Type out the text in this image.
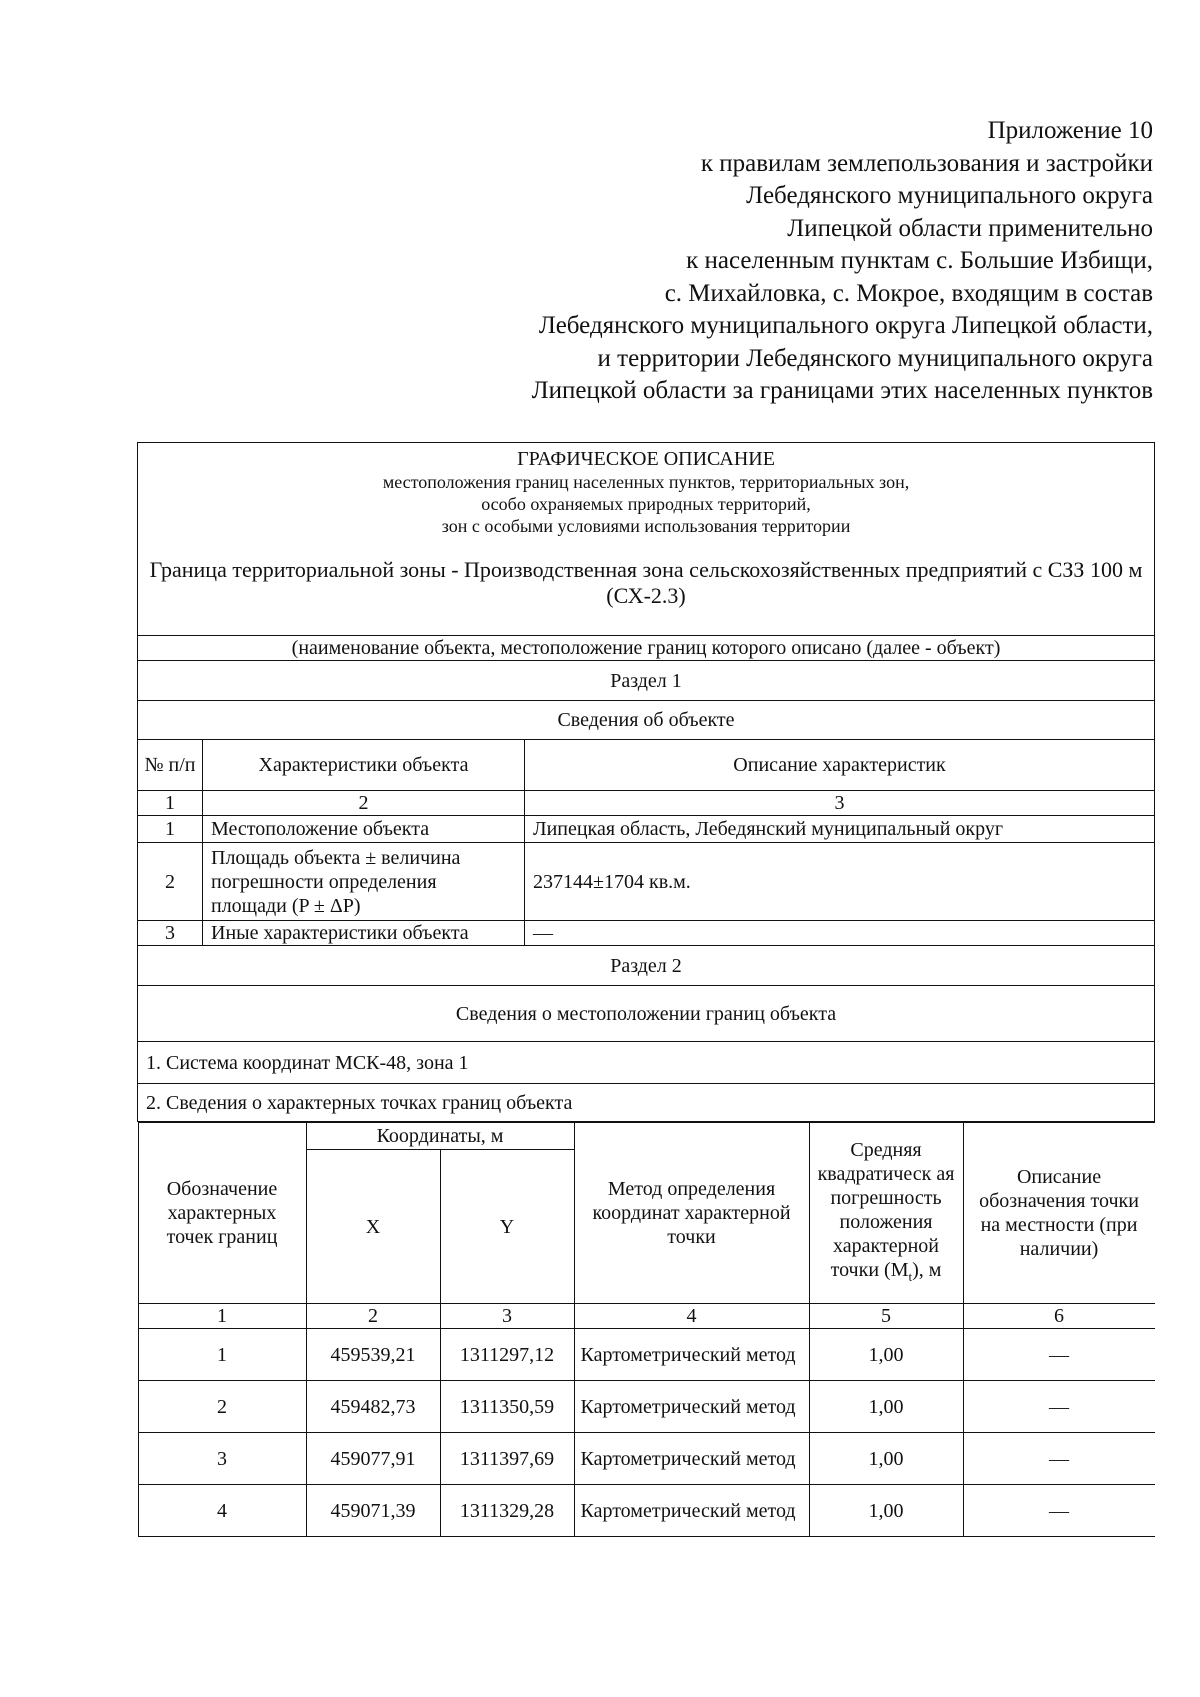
Приложение 10
к правилам землепользования и застройки
Лебедянского муниципального округа
Липецкой области применительно
к населенным пунктам с. Большие Избищи,
с. Михайловка, с. Мокрое, входящим в состав
Лебедянского муниципального округа Липецкой области,
и территории Лебедянского муниципального округа
Липецкой области за границами этих населенных пунктов
ГРАФИЧЕСКОЕ ОПИСАНИЕ
местоположения границ населенных пунктов, территориальных зон,
особо охраняемых природных территорий,
зон с особыми условиями использования территории
Граница территориальной зоны - Производственная зона сельскохозяйственных предприятий с СЗЗ 100 м (СХ-2.3)

(наименование объекта, местоположение границ которого описано (далее - объект)
Раздел 1
Сведения об объекте
№ п/п	Характеристики объекта	Описание характеристик
1	2	3
1	Местоположение объекта	Липецкая область, Лебедянский муниципальный округ
2	Площадь объекта ± величина погрешности определения площади (P ± ΔP)	237144±1704 кв.м.
3	Иные характеристики объекта	—
Раздел 2
Сведения о местоположении границ объекта
1. Система координат МСК-48, зона 1
2. Сведения о характерных точках границ объекта

Обозначение характерных точек границ	Координаты, м	Метод определения координат характерной точки	Средняя квадратическ ая погрешность положения характерной точки $(M_t)$, м	Описание обозначения точки на местности (при наличии)
X	Y
1	2	3	4	5	6
1	459539,21	1311297,12	Картометрический метод	1,00	—
2	459482,73	1311350,59	Картометрический метод	1,00	—
3	459077,91	1311397,69	Картометрический метод	1,00	—
4	459071,39	1311329,28	Картометрический метод	1,00	—
